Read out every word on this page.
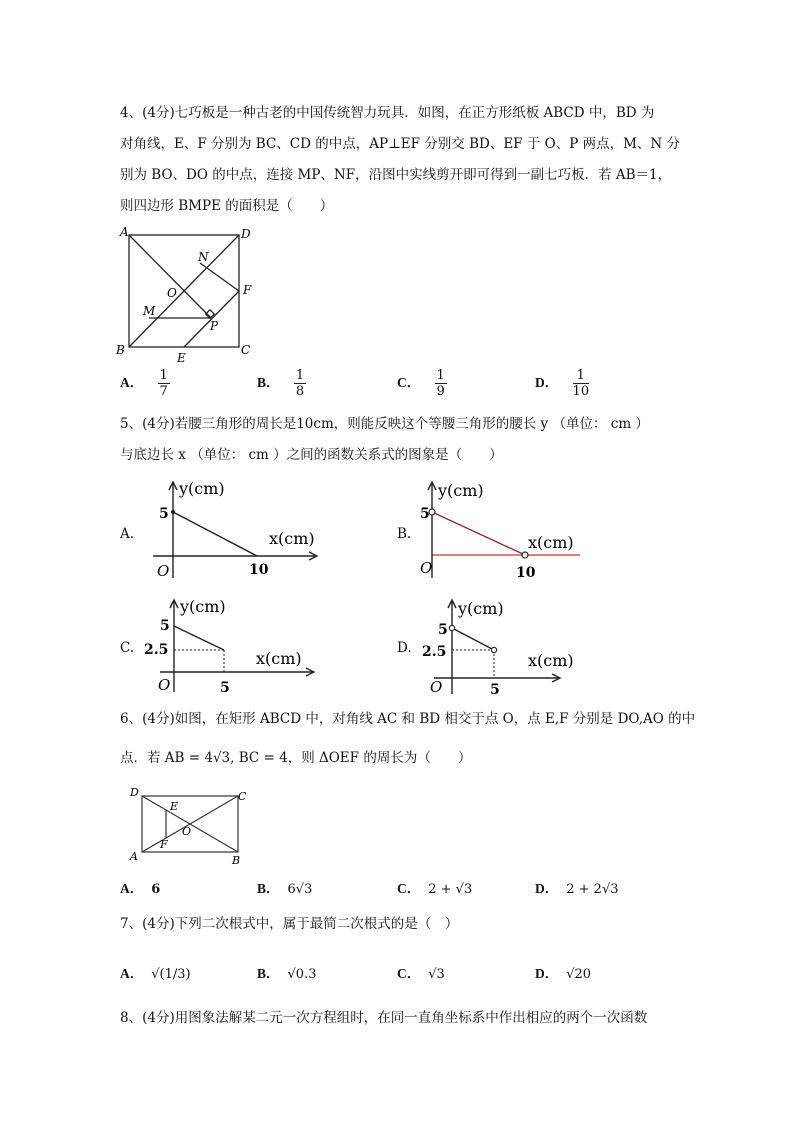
4、(4分)七巧板是一种古老的中国传统智力玩具．如图，在正方形纸板 ABCD 中，BD 为
对角线，E、F 分别为 BC、CD 的中点，AP⊥EF 分别交 BD、EF 于 O、P 两点，M、N 分
别为 BO、DO 的中点，连接 MP、NF，沿图中实线剪开即可得到一副七巧板．若 AB＝1，
则四边形 BMPE 的面积是（　　）
A	D
B	C
E
F
M
N
O
P
A． $\frac{1}{7}$	B． $\frac{1}{8}$	C． $\frac{1}{9}$	D． $\frac{1}{10}$
5、(4分)若腰三角形的周长是10cm，则能反映这个等腰三角形的腰长 y （单位： cm ）
与底边长 x （单位： cm ）之间的函数关系式的图象是（　　）
A.
y(cm)
x(cm)
O
5
10
B.
y(cm)
x(cm)
O
5
10
C.
y(cm)
x(cm)
O
5
2.5
5
D.
y(cm)
x(cm)
O
5
2.5
5
6、(4分)如图，在矩形 ABCD 中，对角线 AC 和 BD 相交于点 O，点 E,F 分别是 DO,AO 的中
点．若 AB = 4√3, BC = 4，则 ΔOEF 的周长为（　　）
D	C
A	B
E
F
O
A． 6	B． 6√3	C． 2 + √3	D． 2 + 2√3
7、(4分)下列二次根式中，属于最简二次根式的是（　）
A． √(1/3)	B． √0.3	C． √3	D． √20
8、(4分)用图象法解某二元一次方程组时，在同一直角坐标系中作出相应的两个一次函数
